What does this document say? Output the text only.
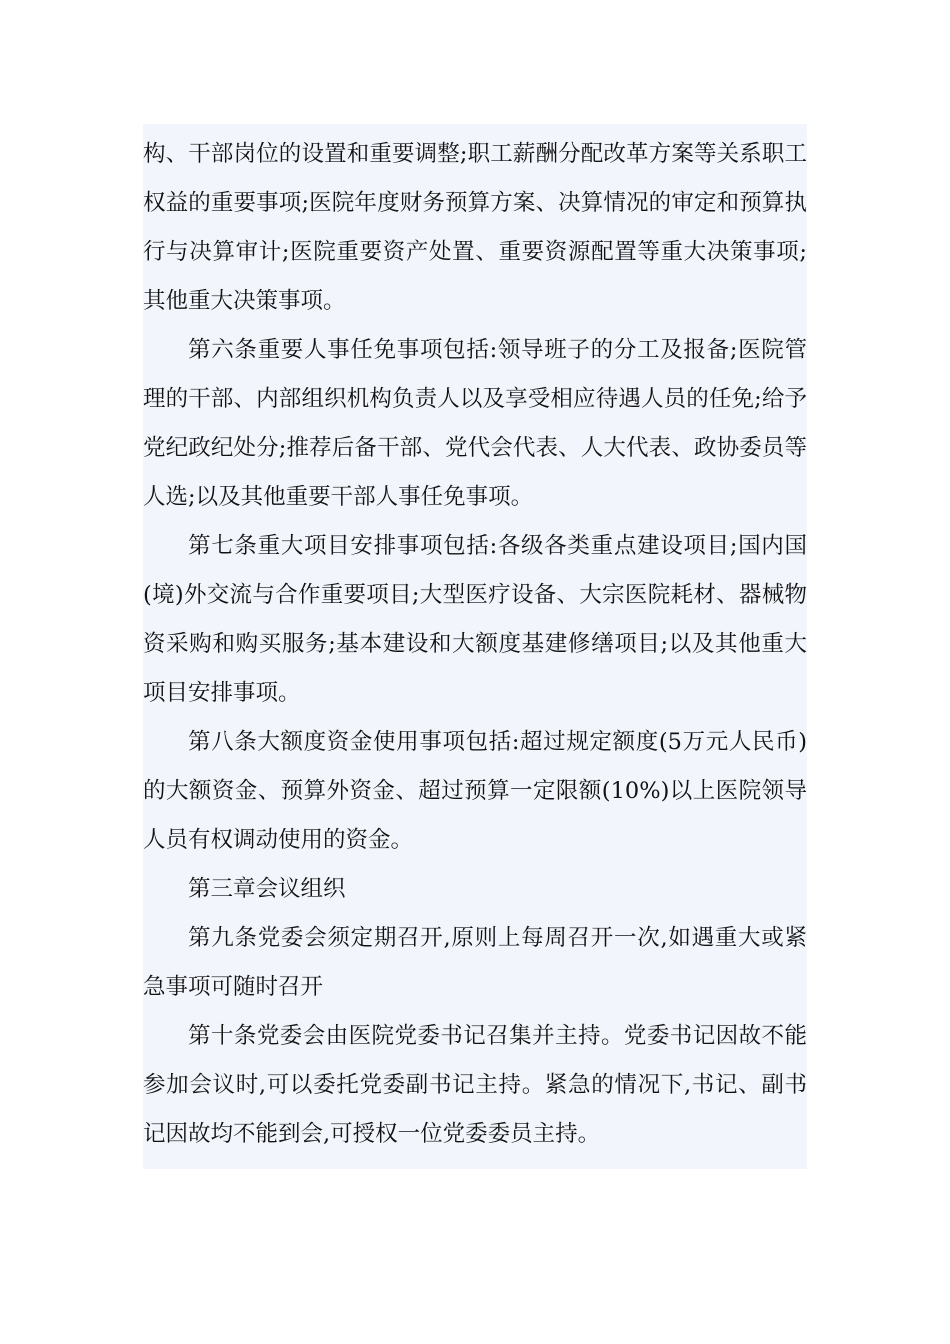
构、干部岗位的设置和重要调整;职工薪酬分配改革方案等关系职工权益的重要事项;医院年度财务预算方案、决算情况的审定和预算执行与决算审计;医院重要资产处置、重要资源配置等重大决策事项;其他重大决策事项。

第六条重要人事任免事项包括:领导班子的分工及报备;医院管理的干部、内部组织机构负责人以及享受相应待遇人员的任免;给予党纪政纪处分;推荐后备干部、党代会代表、人大代表、政协委员等人选;以及其他重要干部人事任免事项。

第七条重大项目安排事项包括:各级各类重点建设项目;国内国(境)外交流与合作重要项目;大型医疗设备、大宗医院耗材、器械物资采购和购买服务;基本建设和大额度基建修缮项目;以及其他重大项目安排事项。

第八条大额度资金使用事项包括:超过规定额度(5万元人民币)的大额资金、预算外资金、超过预算一定限额(10%)以上医院领导人员有权调动使用的资金。

第三章会议组织

第九条党委会须定期召开,原则上每周召开一次,如遇重大或紧急事项可随时召开

第十条党委会由医院党委书记召集并主持。党委书记因故不能参加会议时,可以委托党委副书记主持。紧急的情况下,书记、副书记因故均不能到会,可授权一位党委委员主持。
